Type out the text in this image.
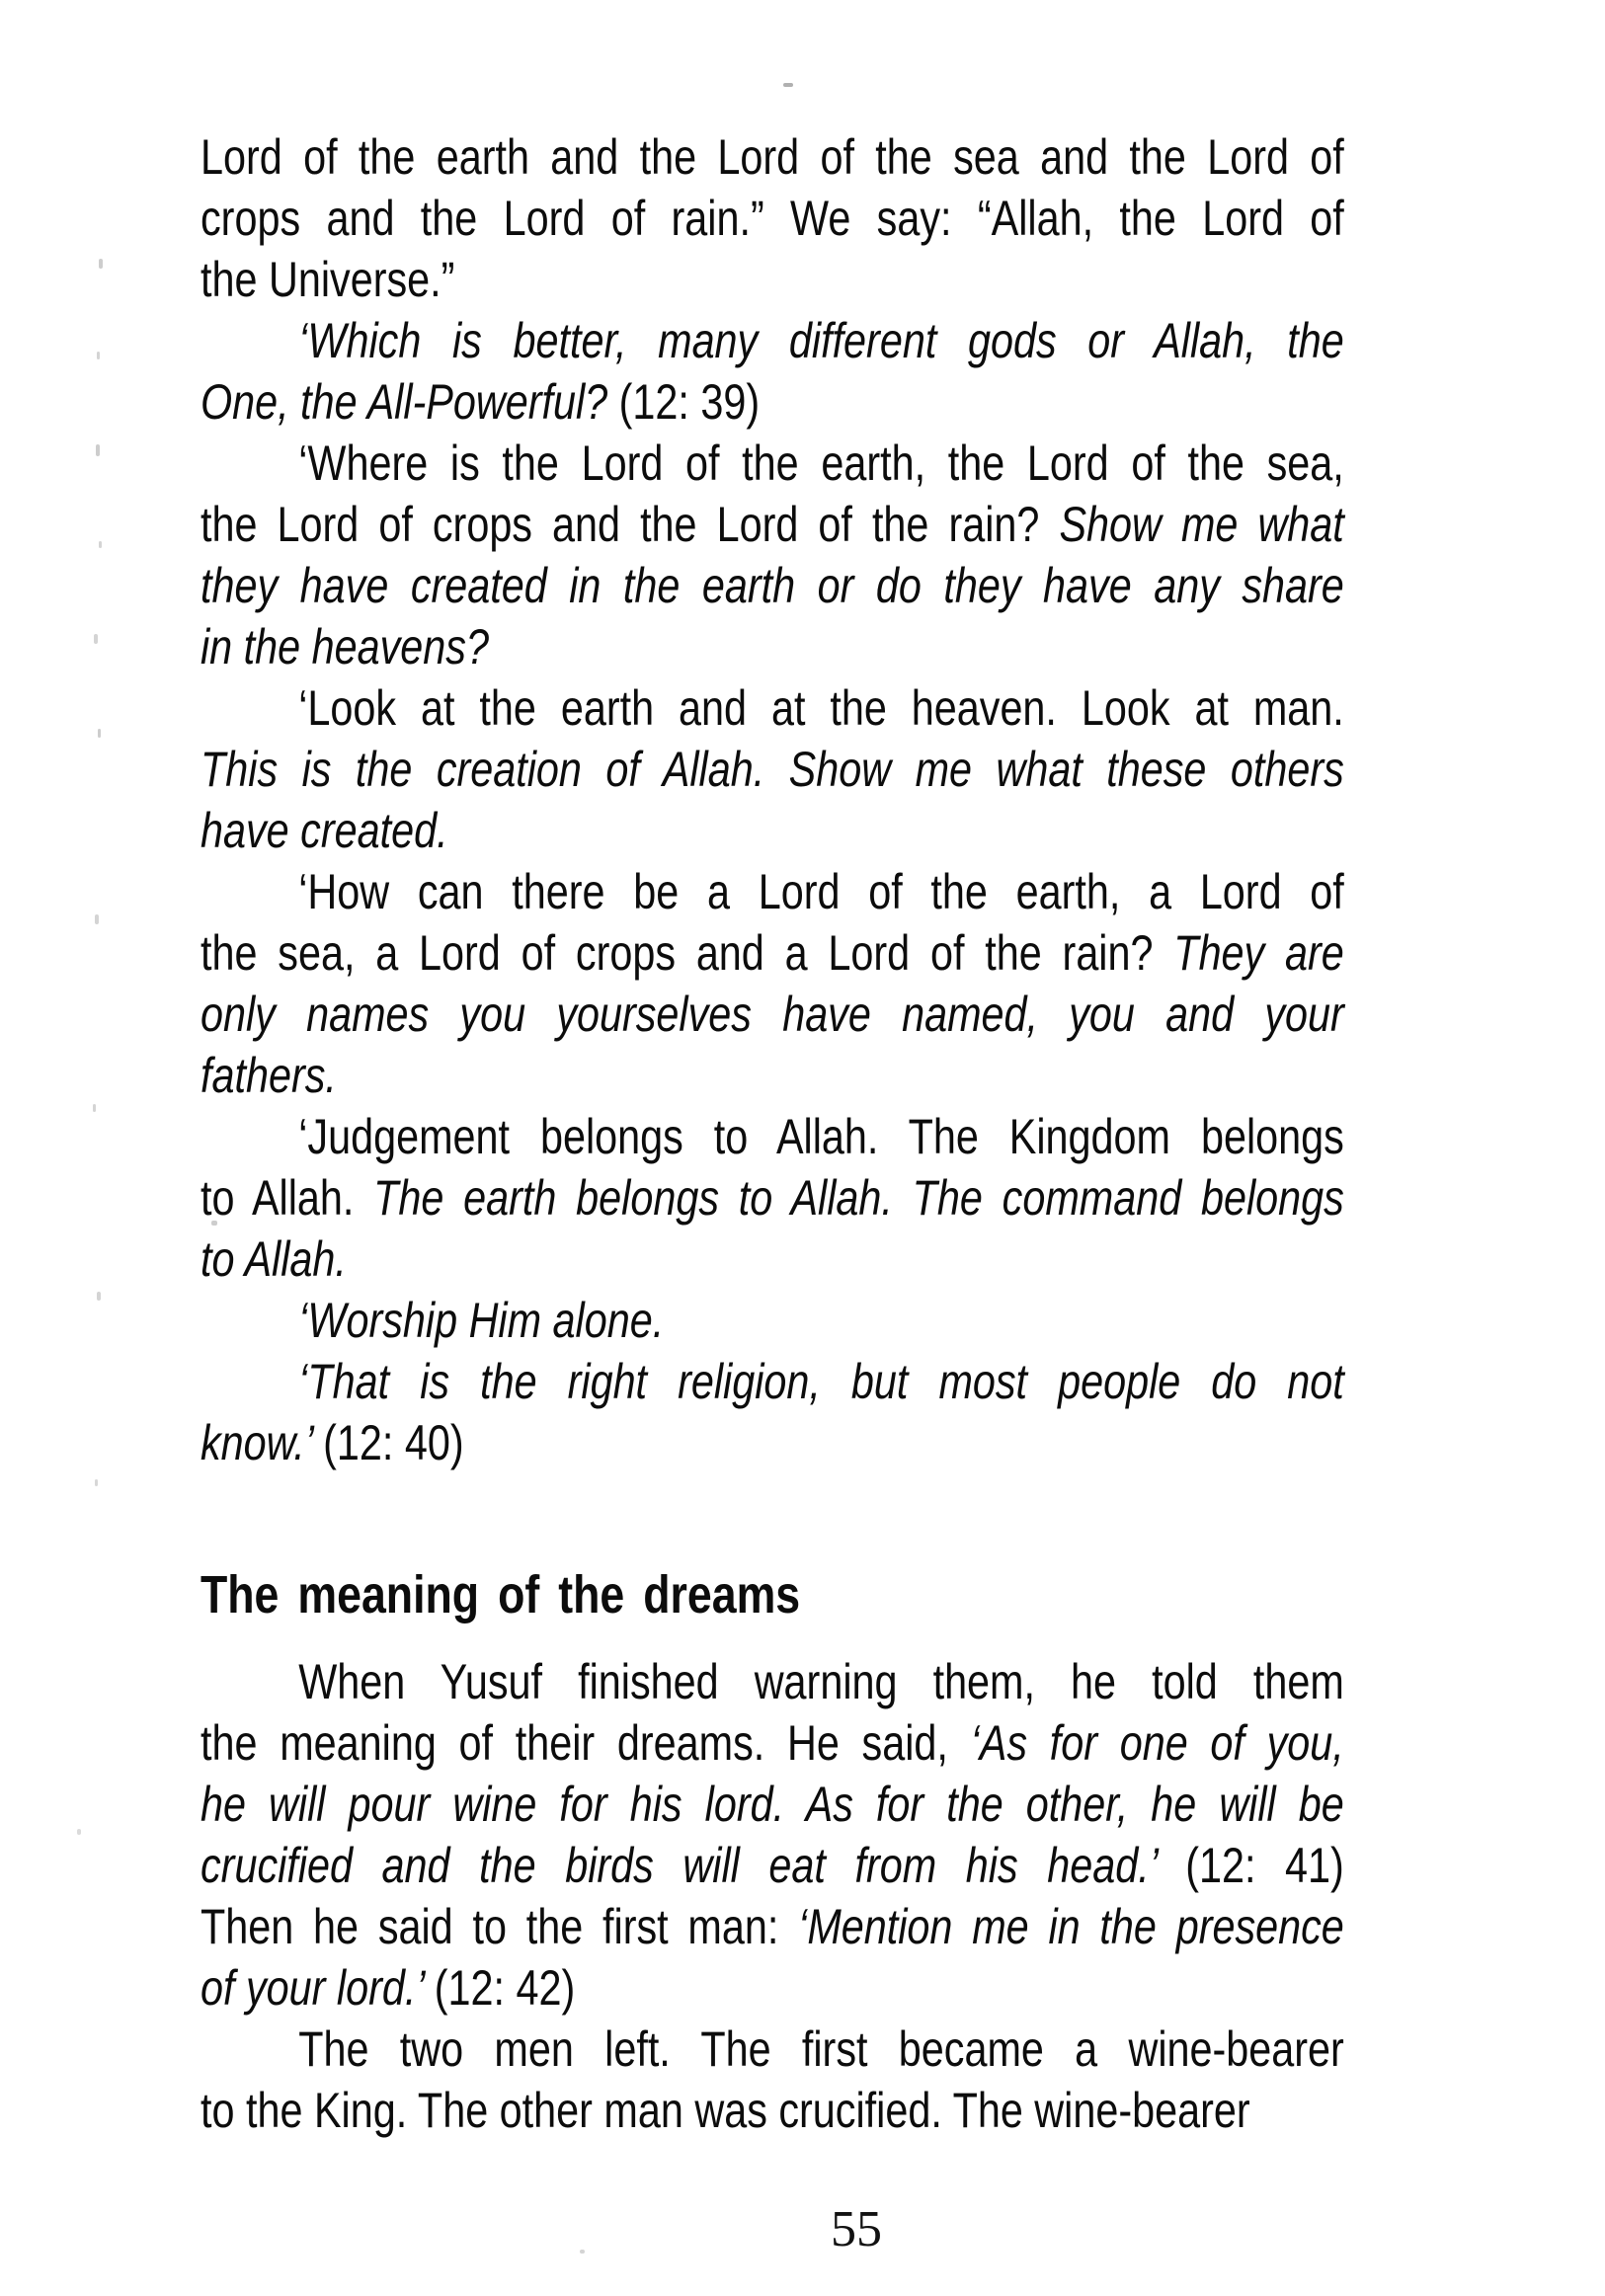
Lord of the earth and the Lord of the sea and the Lord of
crops and the Lord of rain.” We say: “Allah, the Lord of
the Universe.”
‘Which is better, many different gods or Allah, the
One, the All-Powerful? (12: 39)
‘Where is the Lord of the earth, the Lord of the sea,
the Lord of crops and the Lord of the rain? Show me what
they have created in the earth or do they have any share
in the heavens?
‘Look at the earth and at the heaven. Look at man.
This is the creation of Allah. Show me what these others
have created.
‘How can there be a Lord of the earth, a Lord of
the sea, a Lord of crops and a Lord of the rain? They are
only names you yourselves have named, you and your
fathers.
‘Judgement belongs to Allah. The Kingdom belongs
to Allah. The earth belongs to Allah. The command belongs
to Allah.
‘Worship Him alone.
‘That is the right religion, but most people do not
know.’ (12: 40)
The meaning of the dreams
When Yusuf finished warning them, he told them
the meaning of their dreams. He said, ‘As for one of you,
he will pour wine for his lord. As for the other, he will be
crucified and the birds will eat from his head.’ (12: 41)
Then he said to the first man: ‘Mention me in the presence
of your lord.’ (12: 42)
The two men left. The first became a wine-bearer
to the King. The other man was crucified. The wine-bearer
55
